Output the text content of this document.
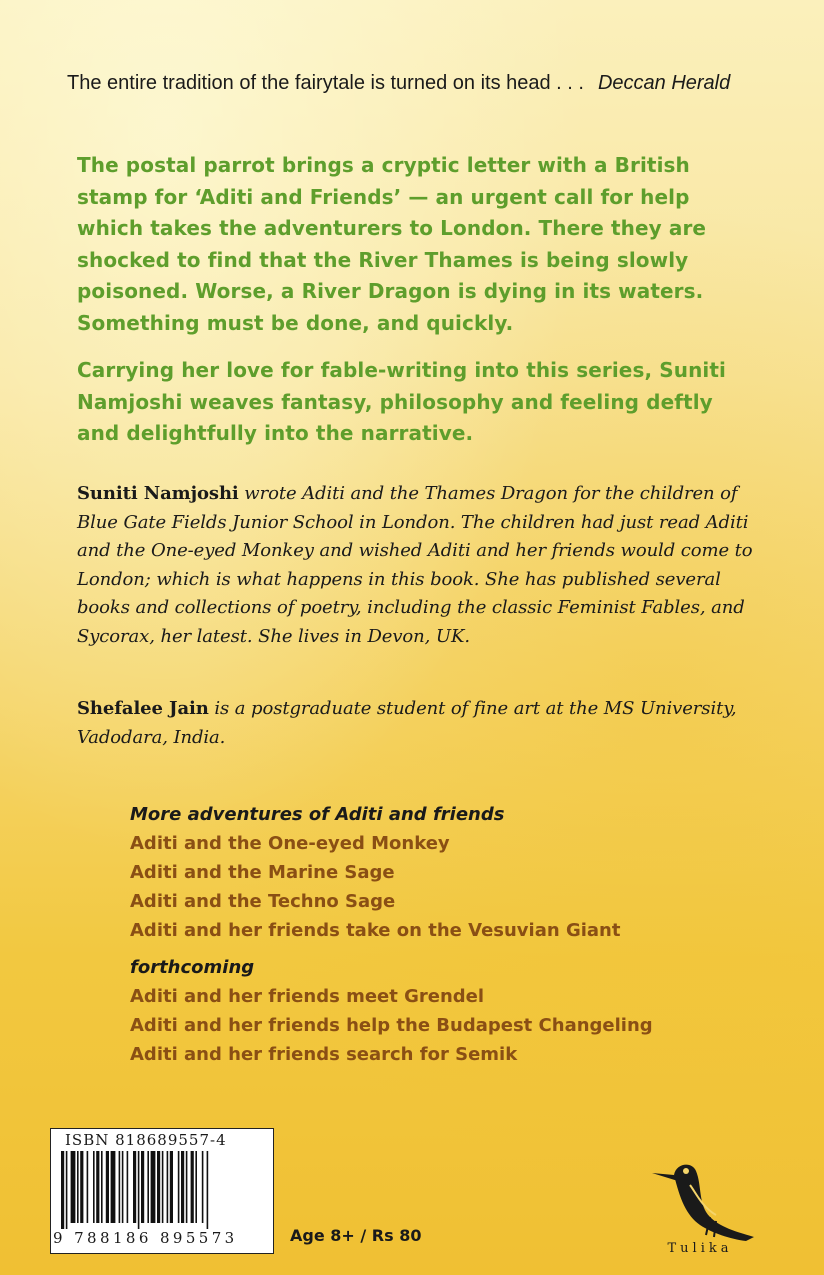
The entire tradition of the fairytale is turned on its head . . . Deccan Herald
The postal parrot brings a cryptic letter with a British stamp for ‘Aditi and Friends’ — an urgent call for help which takes the adventurers to London. There they are shocked to find that the River Thames is being slowly poisoned. Worse, a River Dragon is dying in its waters. Something must be done, and quickly.
Carrying her love for fable-writing into this series, Suniti Namjoshi weaves fantasy, philosophy and feeling deftly and delightfully into the narrative.
Suniti Namjoshi wrote Aditi and the Thames Dragon for the children of Blue Gate Fields Junior School in London. The children had just read Aditi and the One-eyed Monkey and wished Aditi and her friends would come to London; which is what happens in this book. She has published several books and collections of poetry, including the classic Feminist Fables, and Sycorax, her latest. She lives in Devon, UK.
Shefalee Jain is a postgraduate student of fine art at the MS University, Vadodara, India.
More adventures of Aditi and friends
Aditi and the One-eyed Monkey
Aditi and the Marine Sage
Aditi and the Techno Sage
Aditi and her friends take on the Vesuvian Giant
forthcoming
Aditi and her friends meet Grendel
Aditi and her friends help the Budapest Changeling
Aditi and her friends search for Semik
ISBN 818689557-4
9 788186 895573	Age 8+ / Rs 80
Tulika
